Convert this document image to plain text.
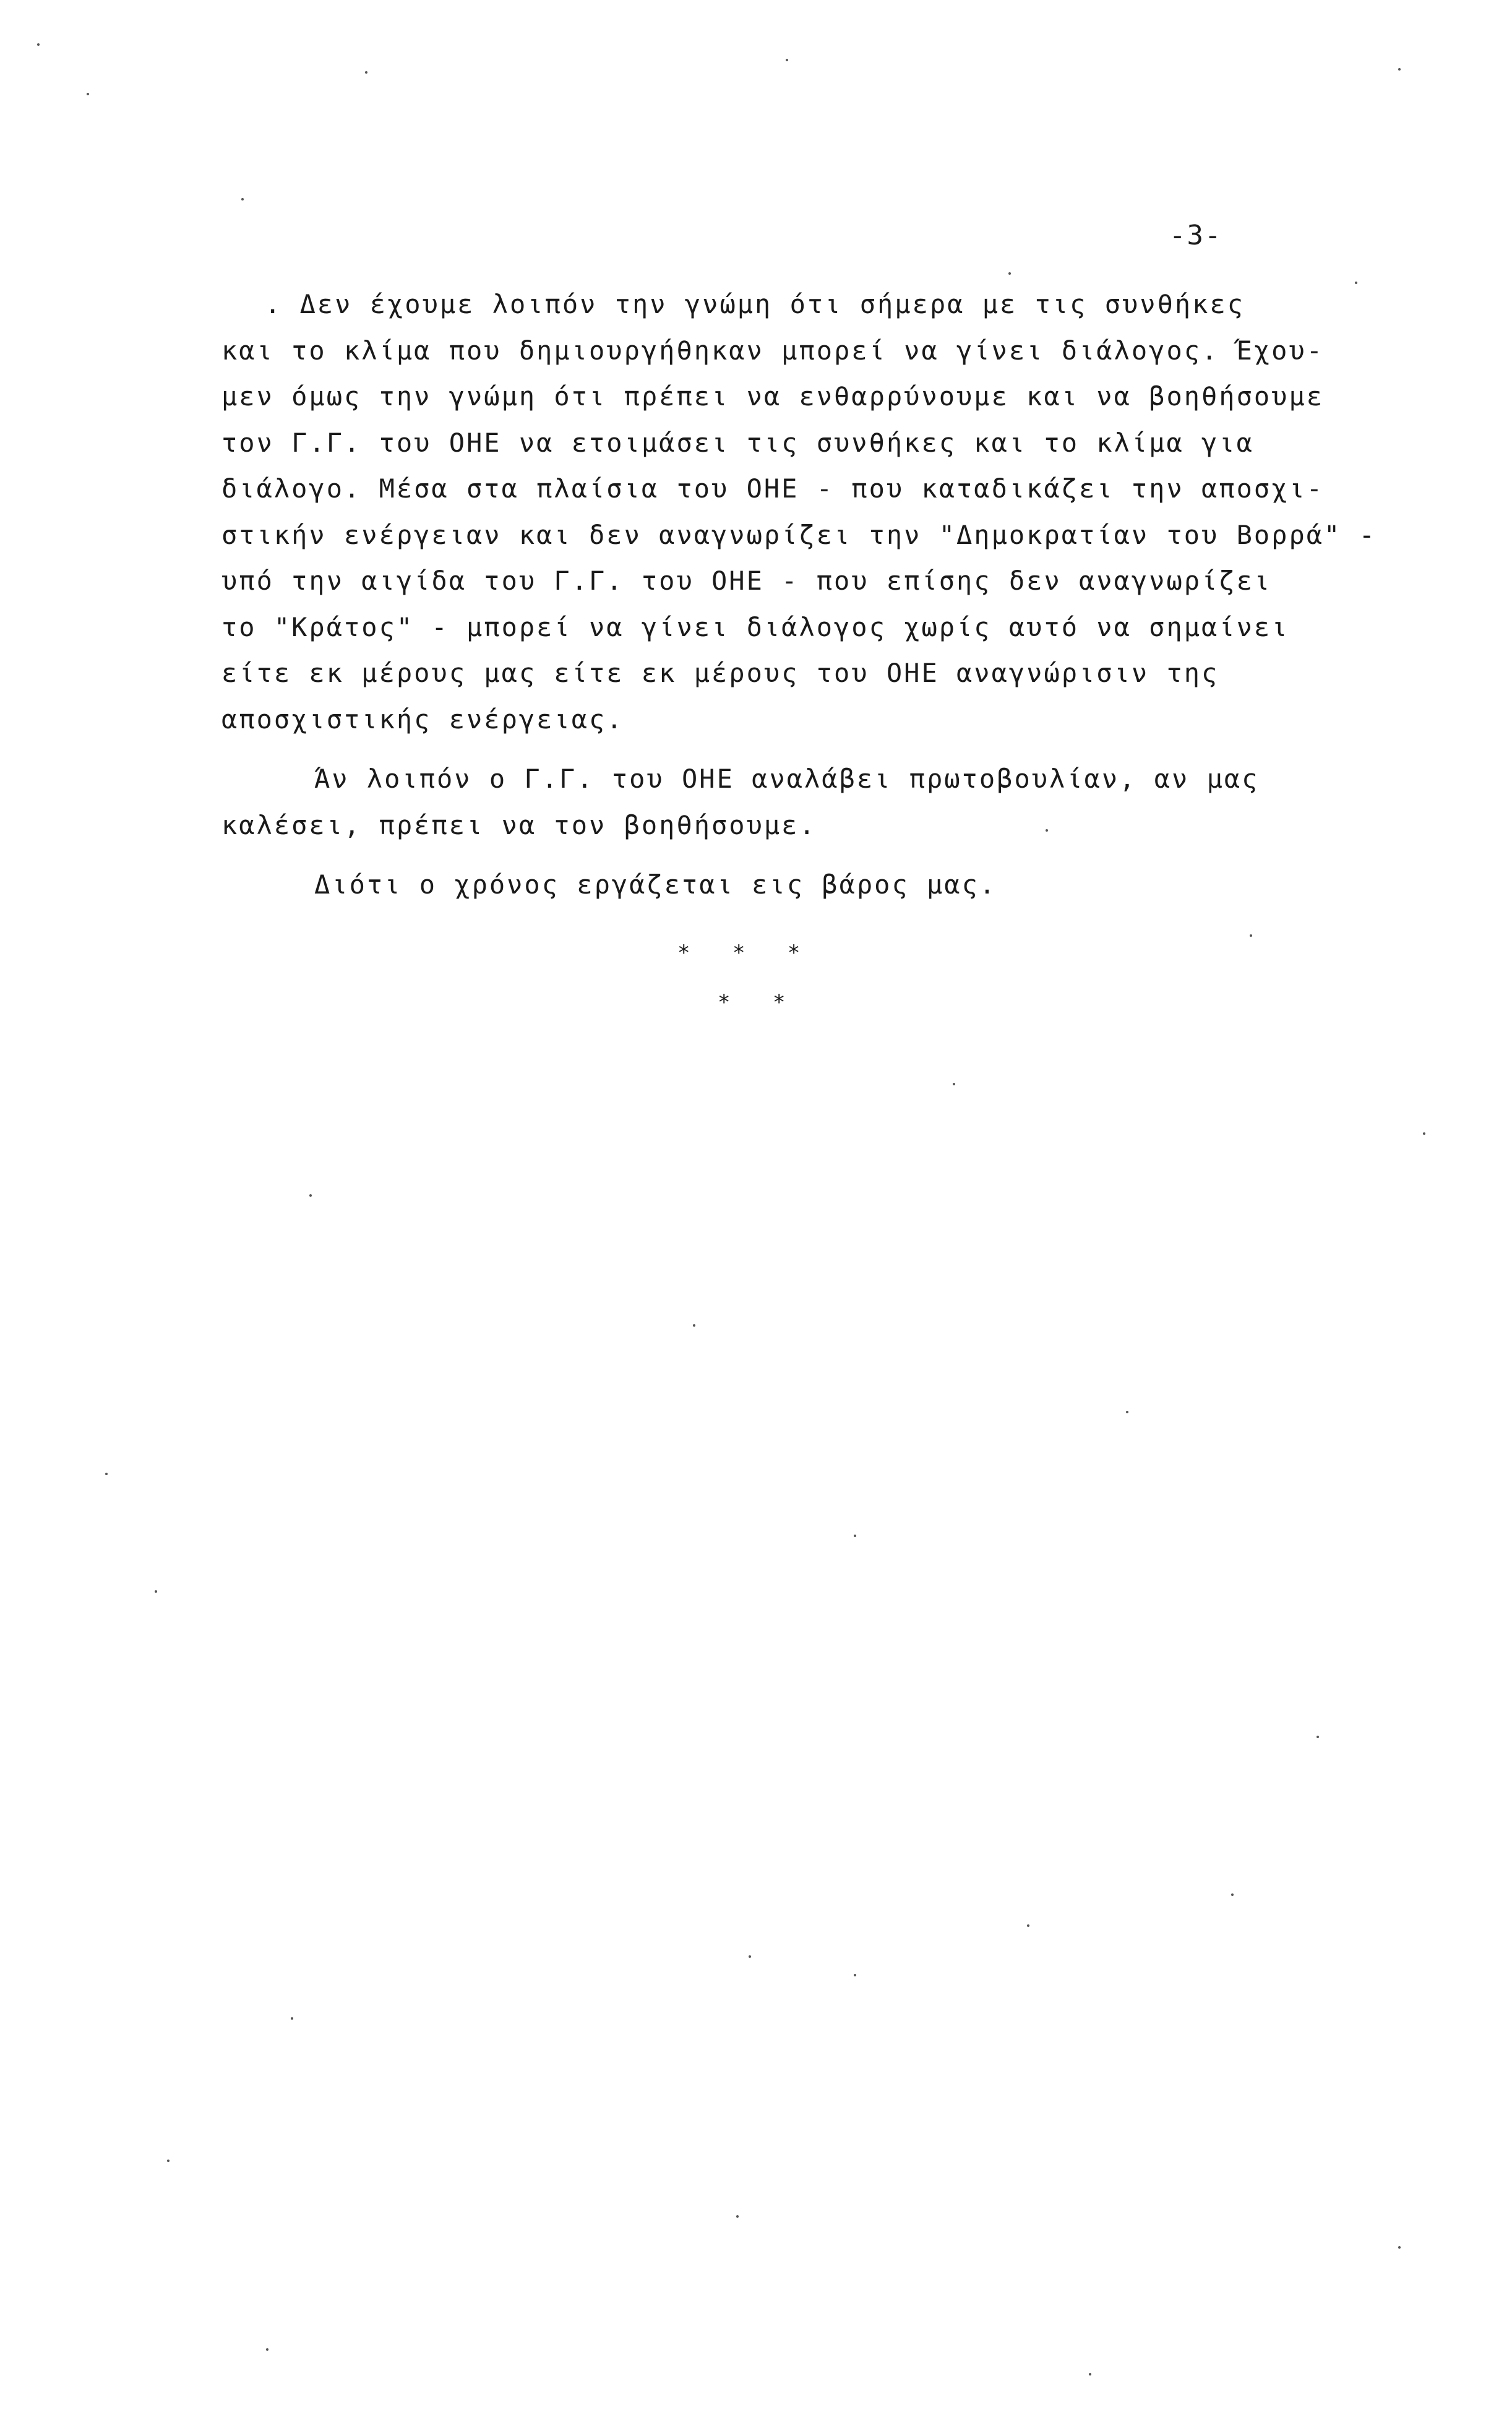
-3-
. Δεν έχουμε λοιπόν την γνώμη ότι σήμερα με τις συνθήκες
και το κλίμα που δημιουργήθηκαν μπορεί να γίνει διάλογος. Έχου-
μεν όμως την γνώμη ότι πρέπει να ενθαρρύνουμε και να βοηθήσουμε
τον Γ.Γ. του ΟΗΕ να ετοιμάσει τις συνθήκες και το κλίμα για
διάλογο. Μέσα στα πλαίσια του ΟΗΕ - που καταδικάζει την αποσχι-
στικήν ενέργειαν και δεν αναγνωρίζει την "Δημοκρατίαν του Βορρά" -
υπό την αιγίδα του Γ.Γ. του ΟΗΕ - που επίσης δεν αναγνωρίζει
το "Κράτος" - μπορεί να γίνει διάλογος χωρίς αυτό να σημαίνει
είτε εκ μέρους μας είτε εκ μέρους του ΟΗΕ αναγνώρισιν της
αποσχιστικής ενέργειας.
Άν λοιπόν ο Γ.Γ. του ΟΗΕ αναλάβει πρωτοβουλίαν, αν μας
καλέσει, πρέπει να τον βοηθήσουμε.
Διότι ο χρόνος εργάζεται εις βάρος μας.
* * *
* *
